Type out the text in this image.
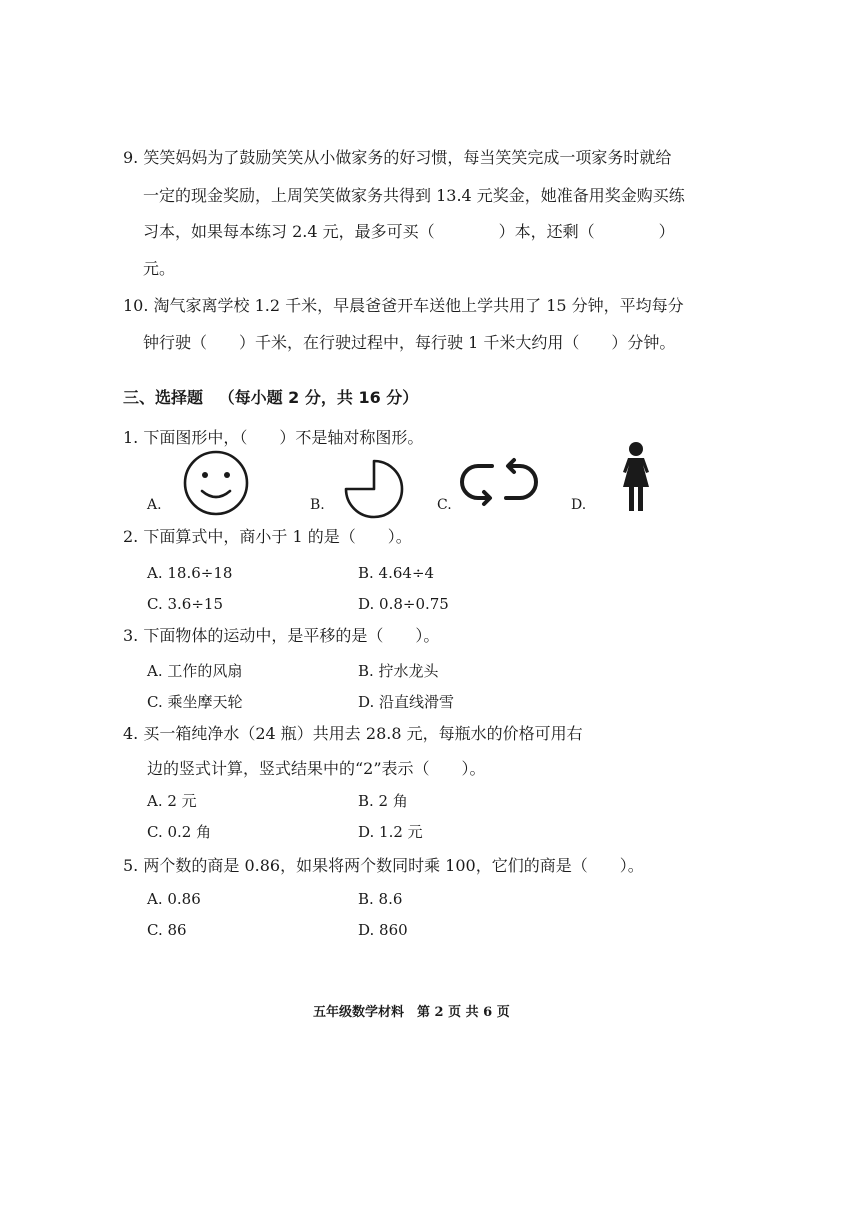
9. 笑笑妈妈为了鼓励笑笑从小做家务的好习惯，每当笑笑完成一项家务时就给
一定的现金奖励，上周笑笑做家务共得到 13.4 元奖金，她准备用奖金购买练
习本，如果每本练习 2.4 元，最多可买（　　　　）本，还剩（　　　　）
元。
10. 淘气家离学校 1.2 千米，早晨爸爸开车送他上学共用了 15 分钟，平均每分
钟行驶（　　）千米，在行驶过程中，每行驶 1 千米大约用（　　）分钟。
三、选择题 （每小题 2 分，共 16 分）
1. 下面图形中，（　　）不是轴对称图形。
A.	B.	C.	D.
2. 下面算式中，商小于 1 的是（　　）。
A. 18.6÷18	B. 4.64÷4
C. 3.6÷15	D. 0.8÷0.75
3. 下面物体的运动中，是平移的是（　　）。
A. 工作的风扇	B. 拧水龙头
C. 乘坐摩天轮	D. 沿直线滑雪
4. 买一箱纯净水（24 瓶）共用去 28.8 元，每瓶水的价格可用右
边的竖式计算，竖式结果中的“2”表示（　　）。
A. 2 元	B. 2 角
C. 0.2 角	D. 1.2 元
5. 两个数的商是 0.86，如果将两个数同时乘 100，它们的商是（　　）。
A. 0.86	B. 8.6
C. 86	D. 860
五年级数学材料　第 2 页 共 6 页
